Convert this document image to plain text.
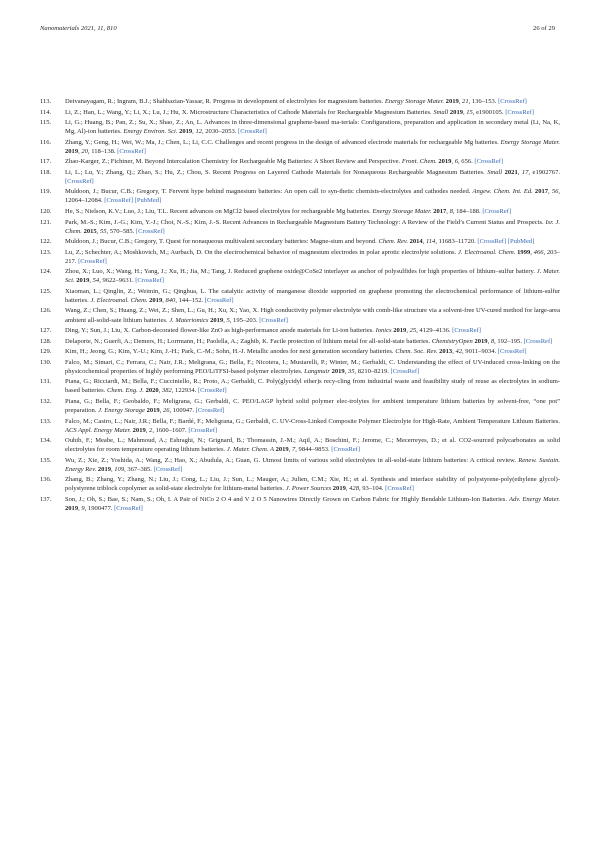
Nanomaterials 2021, 11, 810	26 of 29
113.	Deivanayagam, R.; Ingram, B.J.; Shahbazian-Yassar, R. Progress in development of electrolytes for magnesium batteries. Energy Storage Mater. 2019, 21, 136–153. [CrossRef]
114.	Li, Z.; Han, L.; Wang, Y.; Li, X.; Lu, J.; Hu, X. Microstructure Characteristics of Cathode Materials for Rechargeable Magnesium Batteries. Small 2019, 15, e1900105. [CrossRef]
115.	Li, G.; Huang, B.; Pan, Z.; Su, X.; Shao, Z.; An, L. Advances in three-dimensional graphene-based ma-terials: Configurations, preparation and application in secondary metal (Li, Na, K, Mg, Al)-ion batteries. Energy Environ. Sci. 2019, 12, 2030–2053. [CrossRef]
116.	Zhang, Y.; Geng, H.; Wei, W.; Ma, J.; Chen, L.; Li, C.C. Challenges and recent progress in the design of advanced electrode materials for rechargeable Mg batteries. Energy Storage Mater. 2019, 20, 118–138. [CrossRef]
117.	Zhao-Karger, Z.; Fichtner, M. Beyond Intercalation Chemistry for Rechargeable Mg Batteries: A Short Review and Perspective. Front. Chem. 2019, 6, 656. [CrossRef]
118.	Li, L.; Lu, Y.; Zhang, Q.; Zhao, S.; Hu, Z.; Chou, S. Recent Progress on Layered Cathode Materials for Nonaqueous Rechargeable Magnesium Batteries. Small 2021, 17, e1902767. [CrossRef]
119.	Muldoon, J.; Bucur, C.B.; Gregory, T. Fervent hype behind magnesium batteries: An open call to syn-thetic chemists-electrolytes and cathodes needed. Angew. Chem. Int. Ed. 2017, 56, 12064–12084. [CrossRef] [PubMed]
120.	He, S.; Nielson, K.V.; Luo, J.; Liu, T.L. Recent advances on MgCl2 based electrolytes for rechargeable Mg batteries. Energy Storage Mater. 2017, 8, 184–188. [CrossRef]
121.	Park, M.-S.; Kim, J.-G.; Kim, Y.-J.; Choi, N.-S.; Kim, J.-S. Recent Advances in Rechargeable Magnesium Battery Technology: A Review of the Field’s Current Status and Prospects. Isr. J. Chem. 2015, 55, 570–585. [CrossRef]
122.	Muldoon, J.; Bucur, C.B.; Gregory, T. Quest for nonaqueous multivalent secondary batteries: Magne-sium and beyond. Chem. Rev. 2014, 114, 11683–11720. [CrossRef] [PubMed]
123.	Lu, Z.; Schechter, A.; Moshkovich, M.; Aurbach, D. On the electrochemical behavior of magnesium electrodes in polar aprotic electrolyte solutions. J. Electroanal. Chem. 1999, 466, 203–217. [CrossRef]
124.	Zhou, X.; Luo, X.; Wang, H.; Yang, J.; Xu, H.; Jia, M.; Tang, J. Reduced graphene oxide@CoSe2 interlayer as anchor of polysulfides for high properties of lithium–sulfur battery. J. Mater. Sci. 2019, 54, 9622–9631. [CrossRef]
125.	Xiaoman, L.; Qinglin, Z.; Weimin, G.; Qinghua, L. The catalytic activity of manganese dioxide supported on graphene promoting the electrochemical performance of lithium-sulfur batteries. J. Electroanal. Chem. 2019, 840, 144–152. [CrossRef]
126.	Wang, Z.; Chen, S.; Huang, Z.; Wei, Z.; Shen, L.; Gu, H.; Xu, X.; Yao, X. High conductivity polymer electrolyte with comb-like structure via a solvent-free UV-cured method for large-area ambient all-solid-sate lithium batteries. J. Materiomics 2019, 5, 195–203. [CrossRef]
127.	Ding, Y.; Sun, J.; Liu, X. Carbon-decorated flower-like ZnO as high-performance anode materials for Li-ion batteries. Ionics 2019, 25, 4129–4136. [CrossRef]
128.	Delaporte, N.; Guerfi, A.; Demers, H.; Lorrmann, H.; Paolella, A.; Zaghib, K. Facile protection of lithium metal for all-solid-state batteries. ChemistryOpen 2019, 8, 192–195. [CrossRef]
129.	Kim, H.; Jeong, G.; Kim, Y.-U.; Kim, J.-H.; Park, C.-M.; Sohn, H.-J. Metallic anodes for next generation secondary batteries. Chem. Soc. Rev. 2013, 42, 9011–9034. [CrossRef]
130.	Falco, M.; Simari, C.; Ferrara, C.; Nair, J.R.; Meligrana, G.; Bella, F.; Nicotera, I.; Mustarelli, P.; Winter, M.; Gerbaldi, C. Understanding the effect of UV-induced cross-linking on the physicochemical properties of highly performing PEO/LiTFSI-based polymer electrolytes. Langmuir 2019, 35, 8210–8219. [CrossRef]
131.	Piana, G.; Ricciardi, M.; Bella, F.; Cucciniello, R.; Proto, A.; Gerbaldi, C. Poly(glycidyl ether)s recy-cling from industrial waste and feasibility study of reuse as electrolytes in sodium-based batteries. Chem. Eng. J. 2020, 382, 122934. [CrossRef]
132.	Piana, G.; Bella, F.; Geobaldo, F.; Meligrana, G.; Gerbaldi, C. PEO/LAGP hybrid solid polymer elec-trolytes for ambient temperature lithium batteries by solvent-free, “one pot” preparation. J. Energy Storage 2019, 26, 100947. [CrossRef]
133.	Falco, M.; Castro, L.; Nair, J.R.; Bella, F.; Bardé, F.; Meligrana, G.; Gerbaldi, C. UV-Cross-Linked Composite Polymer Electrolyte for High-Rate, Ambient Temperature Lithium Batteries. ACS Appl. Energy Mater. 2019, 2, 1600–1607. [CrossRef]
134.	Ouhib, F.; Meabe, L.; Mahmoud, A.; Eshraghi, N.; Grignard, B.; Thomassin, J.-M.; Aqil, A.; Boschini, F.; Jerome, C.; Mecerreyes, D.; et al. CO2-sourced polycarbonates as solid electrolytes for room temperature operating lithium batteries. J. Mater. Chem. A 2019, 7, 9844–9853. [CrossRef]
135.	Wu, Z.; Xie, Z.; Yoshida, A.; Wang, Z.; Hao, X.; Abudula, A.; Guan, G. Utmost limits of various solid electrolytes in all-solid-state lithium batteries: A critical review. Renew. Sustain. Energy Rev. 2019, 109, 367–385. [CrossRef]
136.	Zhang, B.; Zhang, Y.; Zhang, N.; Liu, J.; Cong, L.; Liu, J.; Sun, L.; Mauger, A.; Julien, C.M.; Xie, H.; et al. Synthesis and interface stability of polystyrene-poly(ethylene glycol)-polystyrene triblock copolymer as solid-state electrolyte for lithium-metal batteries. J. Power Sources 2019, 428, 93–104. [CrossRef]
137.	Son, J.; Oh, S.; Bae, S.; Nam, S.; Oh, I. A Pair of NiCo 2 O 4 and V 2 O 5 Nanowires Directly Grown on Carbon Fabric for Highly Bendable Lithium-Ion Batteries. Adv. Energy Mater. 2019, 9, 1900477. [CrossRef]
